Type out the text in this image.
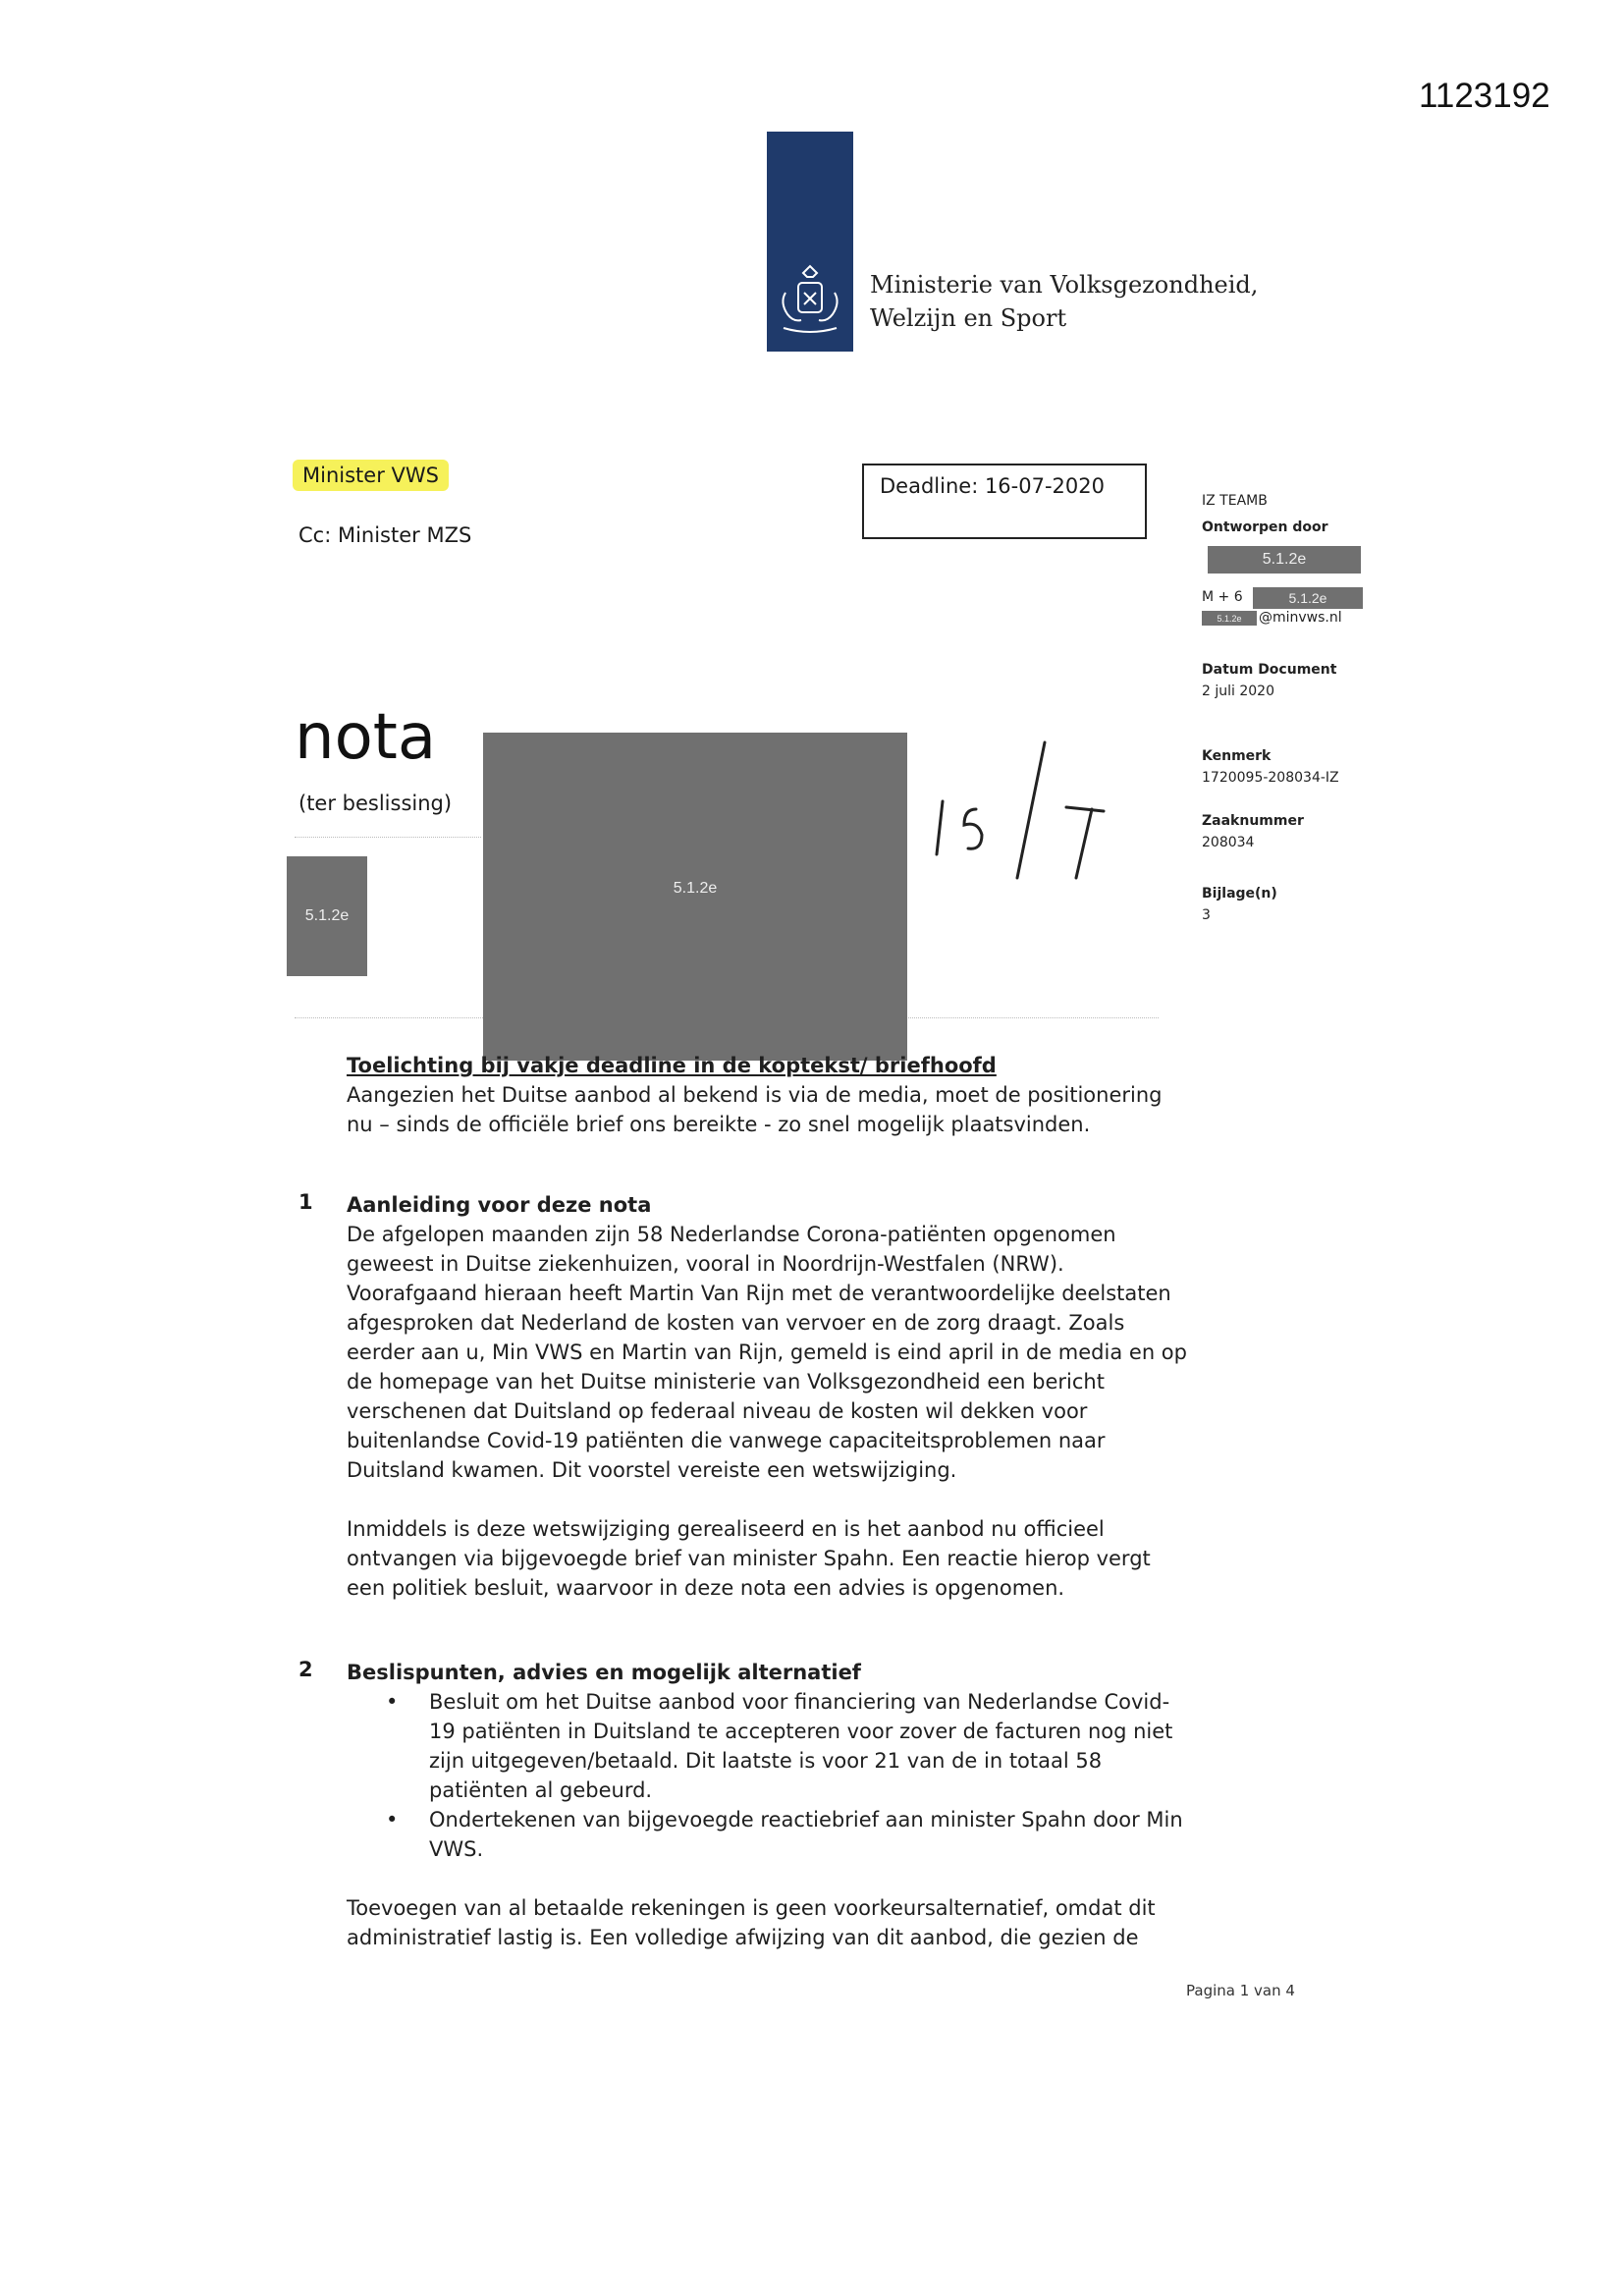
1123192
Ministerie van Volksgezondheid,
Welzijn en Sport
Minister VWS
Cc: Minister MZS
Deadline: 16-07-2020
IZ TEAMB
Ontworpen door
5.1.2e
M + 6	5.1.2e
5.1.2e	@minvws.nl
Datum Document
2 juli 2020
Kenmerk
1720095-208034-IZ
Zaaknummer
208034
Bijlage(n)
3
nota
(ter beslissing)
5.1.2e
5.1.2e
Toelichting bij vakje deadline in de koptekst/ briefhoofd

Aangezien het Duitse aanbod al bekend is via de media, moet de positionering nu – sinds de officiële brief ons bereikte - zo snel mogelijk plaatsvinden.

1 Aanleiding voor deze nota

De afgelopen maanden zijn 58 Nederlandse Corona-patiënten opgenomen geweest in Duitse ziekenhuizen, vooral in Noordrijn-Westfalen (NRW). Voorafgaand hieraan heeft Martin Van Rijn met de verantwoordelijke deelstaten afgesproken dat Nederland de kosten van vervoer en de zorg draagt. Zoals eerder aan u, Min VWS en Martin van Rijn, gemeld is eind april in de media en op de homepage van het Duitse ministerie van Volksgezondheid een bericht verschenen dat Duitsland op federaal niveau de kosten wil dekken voor buitenlandse Covid-19 patiënten die vanwege capaciteitsproblemen naar Duitsland kwamen. Dit voorstel vereiste een wetswijziging.

Inmiddels is deze wetswijziging gerealiseerd en is het aanbod nu officieel ontvangen via bijgevoegde brief van minister Spahn. Een reactie hierop vergt een politiek besluit, waarvoor in deze nota een advies is opgenomen.

2 Beslispunten, advies en mogelijk alternatief
• Besluit om het Duitse aanbod voor financiering van Nederlandse Covid-19 patiënten in Duitsland te accepteren voor zover de facturen nog niet zijn uitgegeven/betaald. Dit laatste is voor 21 van de in totaal 58 patiënten al gebeurd.
• Ondertekenen van bijgevoegde reactiebrief aan minister Spahn door Min VWS.

Toevoegen van al betaalde rekeningen is geen voorkeursalternatief, omdat dit administratief lastig is. Een volledige afwijzing van dit aanbod, die gezien de

Pagina 1 van 4
